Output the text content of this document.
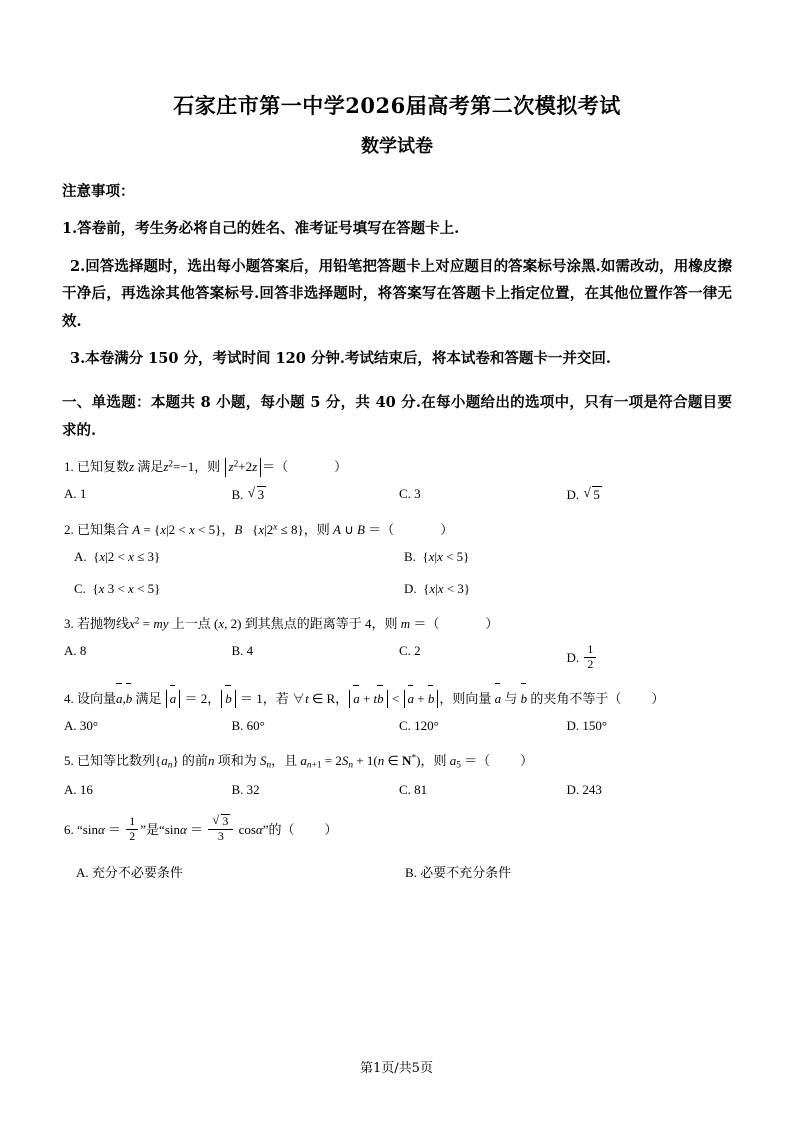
石家庄市第一中学2026届高考第二次模拟考试
数学试卷
注意事项：
1.答卷前，考生务必将自己的姓名、准考证号填写在答题卡上.
2.回答选择题时，选出每小题答案后，用铅笔把答题卡上对应题目的答案标号涂黑.如需改动，用橡皮擦干净后，再选涂其他答案标号.回答非选择题时，将答案写在答题卡上指定位置，在其他位置作答一律无效.
3.本卷满分 150 分，考试时间 120 分钟.考试结束后，将本试卷和答题卡一并交回.
一、单选题：本题共 8 小题，每小题 5 分，共 40 分.在每小题给出的选项中，只有一项是符合题目要求的.
1. 已知复数z 满足$z^2=-1$，则 $z^2+2z$ ＝（	）
A. 1	B. √ 3	C. 3	D. √ 5
2. 已知集合 A = {x|2 < x < 5}，B   $\{x|2^x \le 8\}$，则 A ∪ B ＝（	）
A.  {x|2 < x ≤ 3}	B.  {x|x < 5}
C.  {x 3 < x < 5}	D.  {x|x < 3}
3. 若抛物线$x^2$ = my 上一点 (x, 2) 到其焦点的距离等于 4，则 m ＝（	）
A. 8	B. 4	C. 2	D. $\frac{1}{2}$
4. 设向量a,b 满足 a ＝ 2， b ＝ 1，若 ∀t ∈ R， a + tb < a + b ，则向量 a 与 b 的夹角不等于（ ）
A. 30°	B. 60°	C. 120°	D. 150°
5. 已知等比数列$\{a_n\}$ 的前n 项和为 $S_n$，且 $a_{n+1} = 2S_n + 1(n$ ∈ N*)，则 $a_5$ ＝（ ）
A. 16	B. 32	C. 81	D. 243
6. “$\sin\alpha = \frac{1}{2}$ ”是“sinα ＝ √ $\frac{3}{3} \cos\alpha$”的（ ）
A. 充分不必要条件	B. 必要不充分条件
第1页/共5页
